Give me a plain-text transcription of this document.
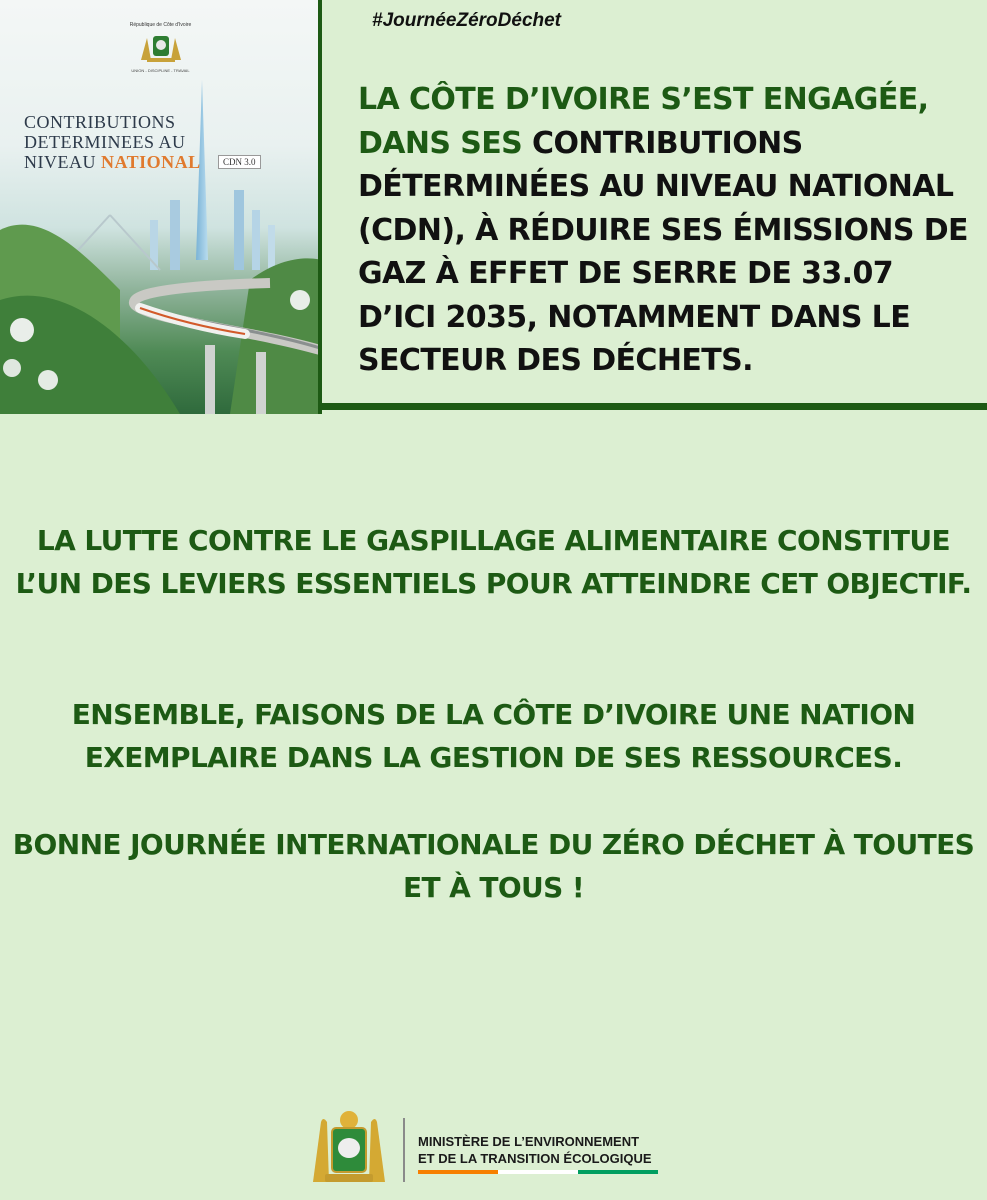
#JournéeZéroDéchet
République de Côte d'Ivoire
UNION - DISCIPLINE - TRAVAIL
CONTRIBUTIONS
DETERMINEES AU
NIVEAU NATIONAL	CDN 3.0
LA CÔTE D’IVOIRE S’EST ENGAGÉE, DANS SES CONTRIBUTIONS DÉTERMINÉES AU NIVEAU NATIONAL (CDN), À RÉDUIRE SES ÉMISSIONS DE GAZ À EFFET DE SERRE DE 33.07 D’ICI 2035, NOTAMMENT DANS LE SECTEUR DES DÉCHETS.
LA LUTTE CONTRE LE GASPILLAGE ALIMENTAIRE CONSTITUE L’UN DES LEVIERS ESSENTIELS POUR ATTEINDRE CET OBJECTIF.
ENSEMBLE, FAISONS DE LA CÔTE D’IVOIRE UNE NATION EXEMPLAIRE DANS LA GESTION DE SES RESSOURCES.
BONNE JOURNÉE INTERNATIONALE DU ZÉRO DÉCHET À TOUTES ET À TOUS !
MINISTÈRE DE L’ENVIRONNEMENT
ET DE LA TRANSITION ÉCOLOGIQUE
